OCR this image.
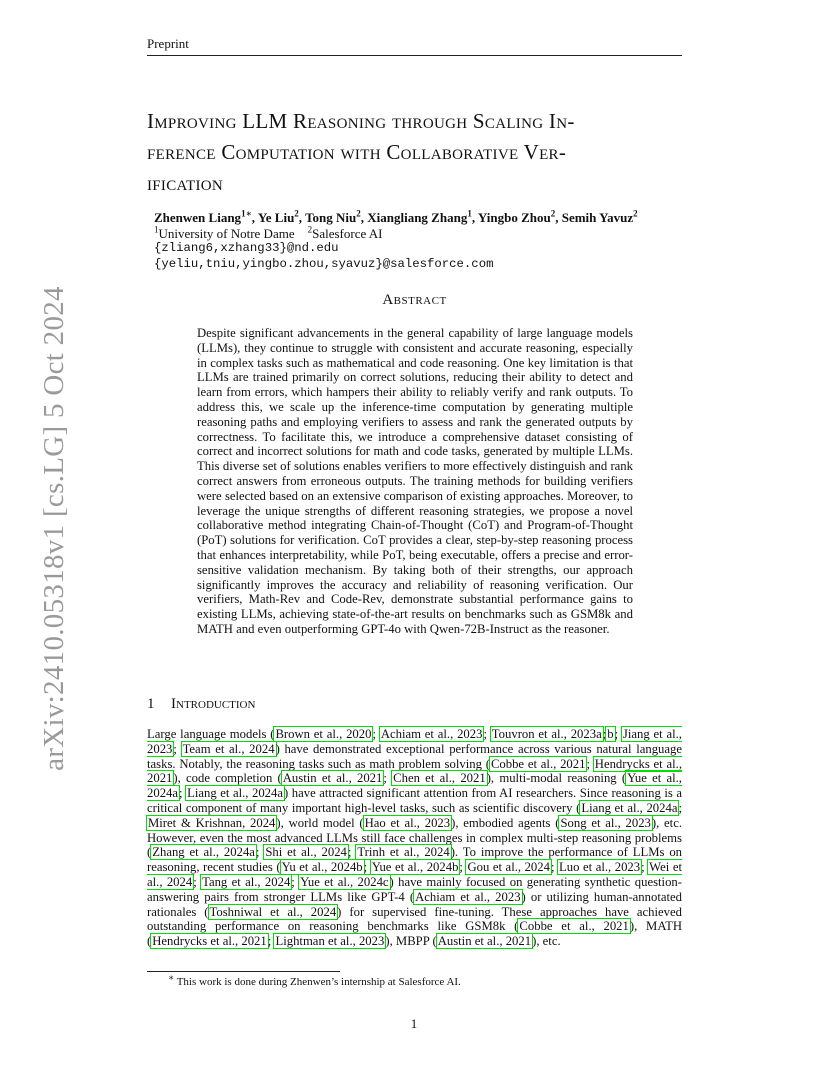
Preprint
arXiv:2410.05318v1 [cs.LG] 5 Oct 2024
Improving LLM Reasoning through Scaling In-
ference Computation with Collaborative Ver-
ification
Zhenwen Liang$^{1∗}$, Ye Liu$^2$, Tong Niu$^2$, Xiangliang Zhang$^1$, Yingbo Zhou$^2$, Semih Yavuz$^2$
$^1$University of Notre Dame $^2$Salesforce AI
{zliang6,xzhang33}@nd.edu
{yeliu,tniu,yingbo.zhou,syavuz}@salesforce.com
Abstract
Despite significant advancements in the general capability of large language models (LLMs), they continue to struggle with consistent and accurate reasoning, especially in complex tasks such as mathematical and code reasoning. One key limitation is that LLMs are trained primarily on correct solutions, reducing their ability to detect and learn from errors, which hampers their ability to reliably verify and rank outputs. To address this, we scale up the inference-time computation by generating multiple reasoning paths and employing verifiers to assess and rank the generated outputs by correctness. To facilitate this, we introduce a comprehensive dataset consisting of correct and incorrect solutions for math and code tasks, generated by multiple LLMs. This diverse set of solutions enables verifiers to more effectively distinguish and rank correct answers from erroneous outputs. The training methods for building verifiers were selected based on an extensive comparison of existing approaches. Moreover, to leverage the unique strengths of different reasoning strategies, we propose a novel collaborative method integrating Chain-of-Thought (CoT) and Program-of-Thought (PoT) solutions for verification. CoT provides a clear, step-by-step reasoning process that enhances interpretability, while PoT, being executable, offers a precise and error-sensitive validation mechanism. By taking both of their strengths, our approach significantly improves the accuracy and reliability of reasoning verification. Our verifiers, Math-Rev and Code-Rev, demonstrate substantial performance gains to existing LLMs, achieving state-of-the-art results on benchmarks such as GSM8k and MATH and even outperforming GPT-4o with Qwen-72B-Instruct as the reasoner.
1 Introduction
Large language models (Brown et al., 2020; Achiam et al., 2023; Touvron et al., 2023a;b; Jiang et al., 2023; Team et al., 2024) have demonstrated exceptional performance across various natural language tasks. Notably, the reasoning tasks such as math problem solving (Cobbe et al., 2021; Hendrycks et al., 2021), code completion (Austin et al., 2021; Chen et al., 2021), multi-modal reasoning (Yue et al., 2024a; Liang et al., 2024a) have attracted significant attention from AI researchers. Since reasoning is a critical component of many important high-level tasks, such as scientific discovery (Liang et al., 2024a; Miret & Krishnan, 2024), world model (Hao et al., 2023), embodied agents (Song et al., 2023), etc. However, even the most advanced LLMs still face challenges in complex multi-step reasoning problems (Zhang et al., 2024a; Shi et al., 2024; Trinh et al., 2024). To improve the performance of LLMs on reasoning, recent studies (Yu et al., 2024b; Yue et al., 2024b; Gou et al., 2024; Luo et al., 2023; Wei et al., 2024; Tang et al., 2024; Yue et al., 2024c) have mainly focused on generating synthetic question-answering pairs from stronger LLMs like GPT-4 (Achiam et al., 2023) or utilizing human-annotated rationales (Toshniwal et al., 2024) for supervised fine-tuning. These approaches have achieved outstanding performance on reasoning benchmarks like GSM8k (Cobbe et al., 2021), MATH (Hendrycks et al., 2021; Lightman et al., 2023), MBPP (Austin et al., 2021), etc.
∗ This work is done during Zhenwen’s internship at Salesforce AI.
1
